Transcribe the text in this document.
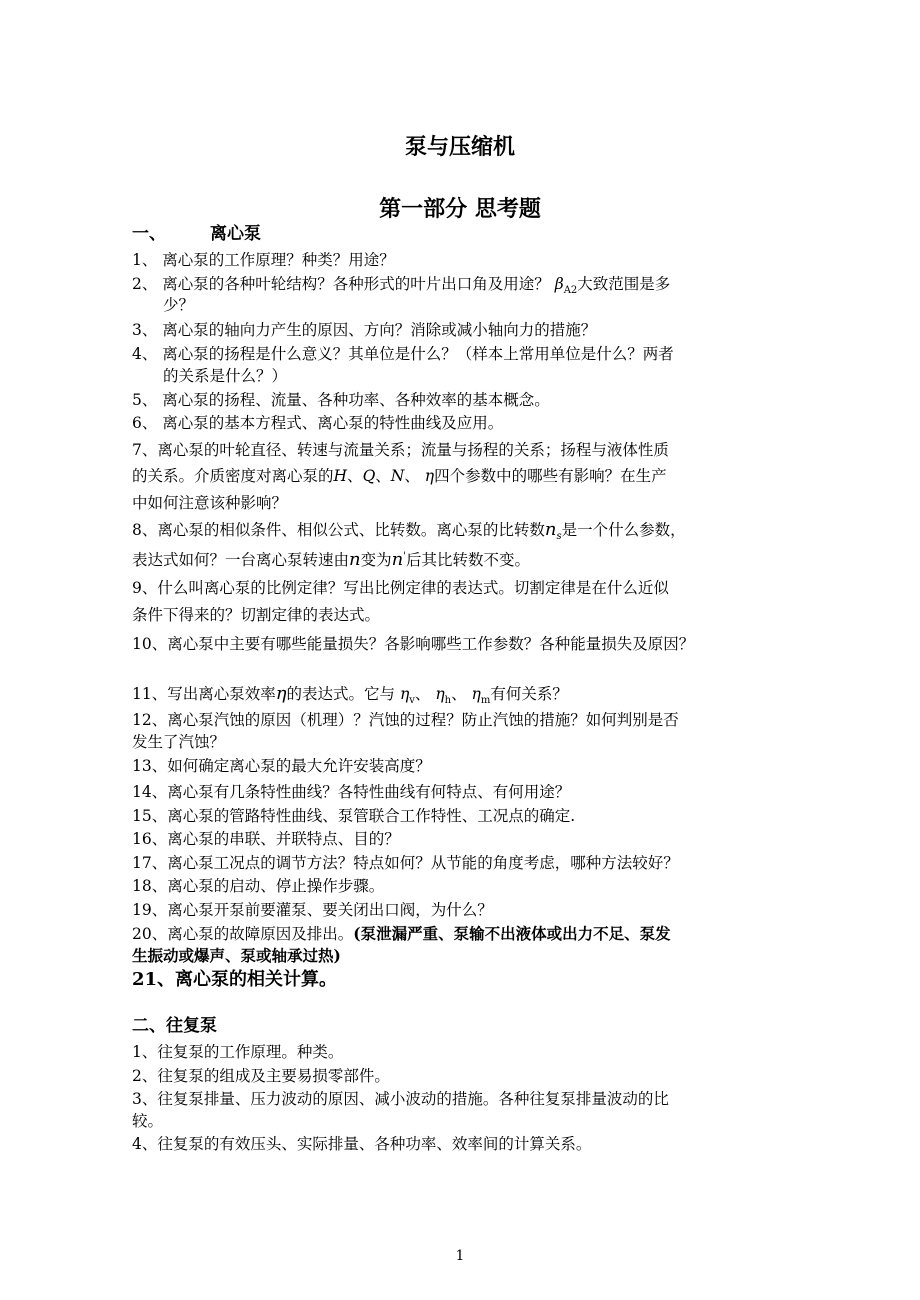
泵与压缩机
第一部分 思考题
一、	离心泵
1、 离心泵的工作原理？种类？用途？
2、 离心泵的各种叶轮结构？各种形式的叶片出口角及用途？ $\beta_{A2}$大致范围是多
少？
3、 离心泵的轴向力产生的原因、方向？消除或减小轴向力的措施？
4、 离心泵的扬程是什么意义？其单位是什么？（样本上常用单位是什么？两者
的关系是什么？）
5、 离心泵的扬程、流量、各种功率、各种效率的基本概念。
6、 离心泵的基本方程式、离心泵的特性曲线及应用。
7、离心泵的叶轮直径、转速与流量关系；流量与扬程的关系；扬程与液体性质
的关系。介质密度对离心泵的H、Q、N、 η四个参数中的哪些有影响？在生产
中如何注意该种影响？
8、离心泵的相似条件、相似公式、比转数。离心泵的比转数$n_s$是一个什么参数，
表达式如何？一台离心泵转速由n变为n'后其比转数不变。
9、什么叫离心泵的比例定律？写出比例定律的表达式。切割定律是在什么近似
条件下得来的？切割定律的表达式。
10、离心泵中主要有哪些能量损失？各影响哪些工作参数？各种能量损失及原因？
11、写出离心泵效率η的表达式。它与 $\eta_v$、 $\eta_h$、 $\eta_m$有何关系？
12、离心泵汽蚀的原因（机理）？汽蚀的过程？防止汽蚀的措施？如何判别是否
发生了汽蚀？
13、如何确定离心泵的最大允许安装高度？
14、离心泵有几条特性曲线？各特性曲线有何特点、有何用途？
15、离心泵的管路特性曲线、泵管联合工作特性、工况点的确定.
16、离心泵的串联、并联特点、目的？
17、离心泵工况点的调节方法？特点如何？从节能的角度考虑，哪种方法较好？
18、离心泵的启动、停止操作步骤。
19、离心泵开泵前要灌泵、要关闭出口阀，为什么？
20、离心泵的故障原因及排出。(泵泄漏严重、泵输不出液体或出力不足、泵发
生振动或爆声、泵或轴承过热)
21、离心泵的相关计算。
二、往复泵
1、往复泵的工作原理。种类。
2、往复泵的组成及主要易损零部件。
3、往复泵排量、压力波动的原因、减小波动的措施。各种往复泵排量波动的比
较。
4、往复泵的有效压头、实际排量、各种功率、效率间的计算关系。
1
